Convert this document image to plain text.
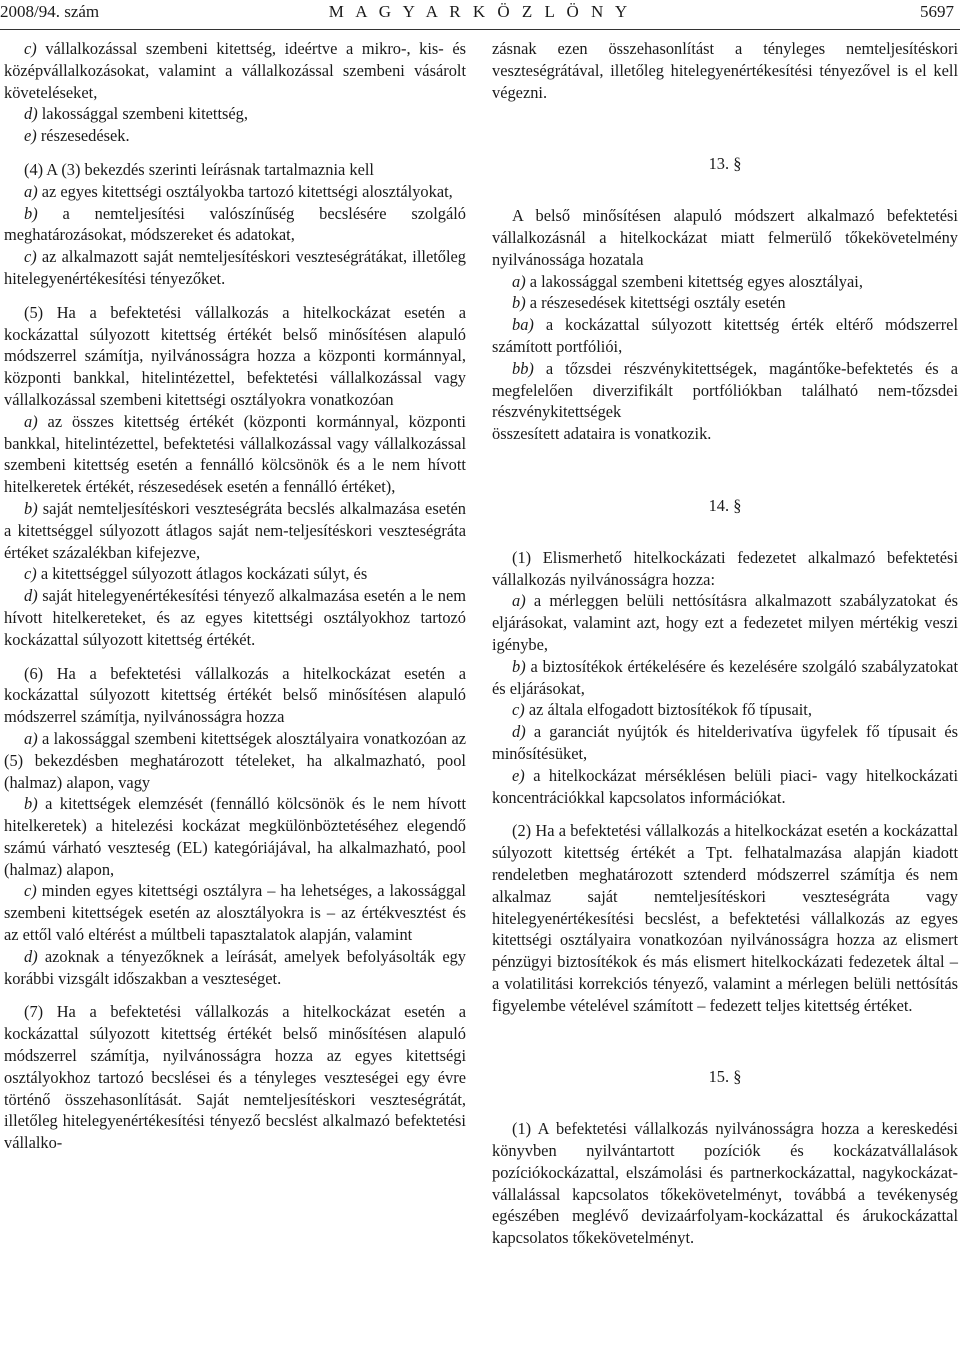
2008/94. szám	M A G Y A R K Ö Z L Ö N Y	5697

c) vállalkozással szembeni kitettség, ideértve a mikro-, kis- és középvállalkozásokat, valamint a vállalkozással szembeni vásárolt követeléseket,

d) lakossággal szembeni kitettség,

e) részesedések.

(4) A (3) bekezdés szerinti leírásnak tartalmaznia kell

a) az egyes kitettségi osztályokba tartozó kitettségi alosztályokat,

b) a nemteljesítési valószínűség becslésére szolgáló meghatározásokat, módszereket és adatokat,

c) az alkalmazott saját nemteljesítéskori veszteségrátákat, illetőleg hitelegyenértékesítési tényezőket.

(5) Ha a befektetési vállalkozás a hitelkockázat esetén a kockázattal súlyozott kitettség értékét belső minősítésen alapuló módszerrel számítja, nyilvánosságra hozza a központi kormánnyal, központi bankkal, hitelintézettel, befektetési vállalkozással vagy vállalkozással szembeni kitettségi osztályokra vonatkozóan

a) az összes kitettség értékét (központi kormánnyal, központi bankkal, hitelintézettel, befektetési vállalkozással vagy vállalkozással szembeni kitettség esetén a fennálló kölcsönök és a le nem hívott hitelkeretek értékét, részesedések esetén a fennálló értéket),

b) saját nemteljesítéskori veszteségráta becslés alkalmazása esetén a kitettséggel súlyozott átlagos saját nem-teljesítéskori veszteségráta értéket százalékban kifejezve,

c) a kitettséggel súlyozott átlagos kockázati súlyt, és

d) saját hitelegyenértékesítési tényező alkalmazása esetén a le nem hívott hitelkereteket, és az egyes kitettségi osztályokhoz tartozó kockázattal súlyozott kitettség értékét.

(6) Ha a befektetési vállalkozás a hitelkockázat esetén a kockázattal súlyozott kitettség értékét belső minősítésen alapuló módszerrel számítja, nyilvánosságra hozza

a) a lakossággal szembeni kitettségek alosztályaira vonatkozóan az (5) bekezdésben meghatározott tételeket, ha alkalmazható, pool (halmaz) alapon, vagy

b) a kitettségek elemzését (fennálló kölcsönök és le nem hívott hitelkeretek) a hitelezési kockázat megkülönböztetéséhez elegendő számú várható veszteség (EL) kategóriájával, ha alkalmazható, pool (halmaz) alapon,

c) minden egyes kitettségi osztályra – ha lehetséges, a lakossággal szembeni kitettségek esetén az alosztályokra is – az értékvesztést és az ettől való eltérést a múltbeli tapasztalatok alapján, valamint

d) azoknak a tényezőknek a leírását, amelyek befolyásolták egy korábbi vizsgált időszakban a veszteséget.

(7) Ha a befektetési vállalkozás a hitelkockázat esetén a kockázattal súlyozott kitettség értékét belső minősítésen alapuló módszerrel számítja, nyilvánosságra hozza az egyes kitettségi osztályokhoz tartozó becslései és a tényleges veszteségei egy évre történő összehasonlítását. Saját nemteljesítéskori veszteségrátát, illetőleg hitelegyenértékesítési tényező becslést alkalmazó befektetési vállalko-

zásnak ezen összehasonlítást a tényleges nemteljesítéskori veszteségrátával, illetőleg hitelegyenértékesítési tényezővel is el kell végezni.

13. §

A belső minősítésen alapuló módszert alkalmazó befektetési vállalkozásnál a hitelkockázat miatt felmerülő tőkekövetelmény nyilvánossága hozatala

a) a lakossággal szembeni kitettség egyes alosztályai,

b) a részesedések kitettségi osztály esetén

ba) a kockázattal súlyozott kitettség érték eltérő módszerrel számított portfóliói,

bb) a tőzsdei részvénykitettségek, magántőke-befektetés és a megfelelően diverzifikált portfóliókban található nem-tőzsdei részvénykitettségek

összesített adataira is vonatkozik.

14. §

(1) Elismerhető hitelkockázati fedezetet alkalmazó befektetési vállalkozás nyilvánosságra hozza:

a) a mérleggen belüli nettósításra alkalmazott szabályzatokat és eljárásokat, valamint azt, hogy ezt a fedezetet milyen mértékig veszi igénybe,

b) a biztosítékok értékelésére és kezelésére szolgáló szabályzatokat és eljárásokat,

c) az általa elfogadott biztosítékok fő típusait,

d) a garanciát nyújtók és hitelderivatíva ügyfelek fő típusait és minősítésüket,

e) a hitelkockázat mérséklésen belüli piaci- vagy hitelkockázati koncentrációkkal kapcsolatos információkat.

(2) Ha a befektetési vállalkozás a hitelkockázat esetén a kockázattal súlyozott kitettség értékét a Tpt. felhatalmazása alapján kiadott rendeletben meghatározott sztenderd módszerrel számítja és nem alkalmaz saját nemteljesítéskori veszteségráta vagy hitelegyenértékesítési becslést, a befektetési vállalkozás az egyes kitettségi osztályaira vonatkozóan nyilvánosságra hozza az elismert pénzügyi biztosítékok és más elismert hitelkockázati fedezetek által – a volatilitási korrekciós tényező, valamint a mérlegen belüli nettósítás figyelembe vételével számított – fedezett teljes kitettség értéket.

15. §

(1) A befektetési vállalkozás nyilvánosságra hozza a kereskedési könyvben nyilvántartott pozíciók és kockázatvállalások pozíciókockázattal, elszámolási és partnerkockázattal, nagykockázat-vállalással kapcsolatos tőkekövetelményt, továbbá a tevékenység egészében meglévő devizaárfolyam-kockázattal és árukockázattal kapcsolatos tőkekövetelményt.
